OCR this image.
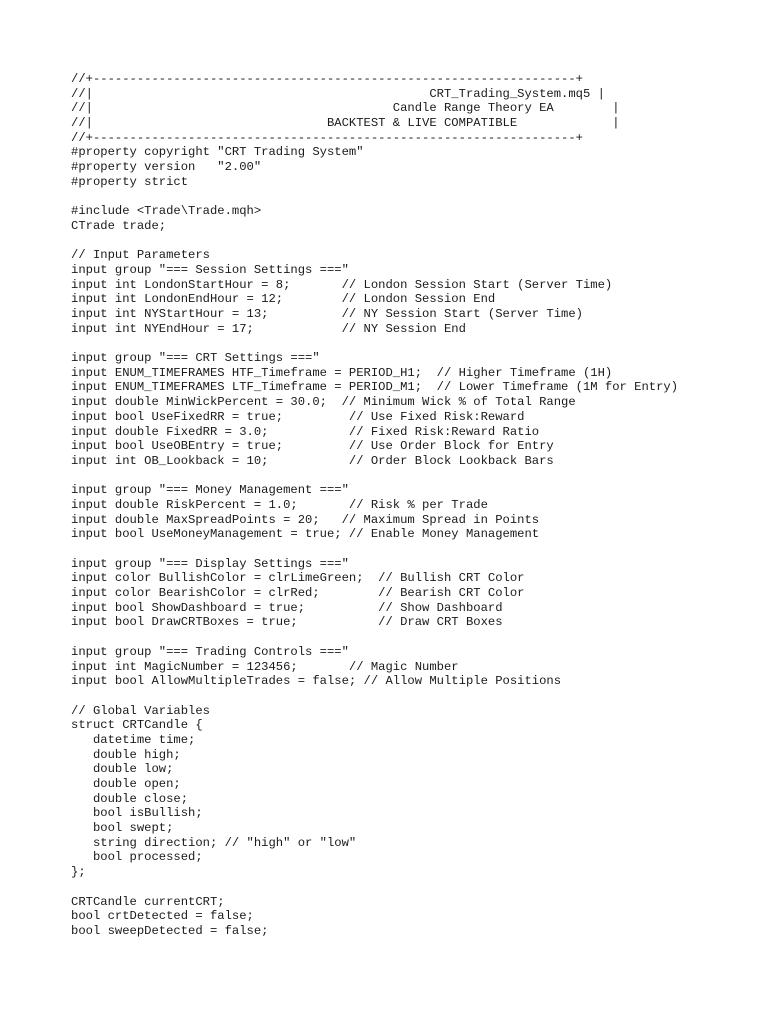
//+------------------------------------------------------------------+
//|                                              CRT_Trading_System.mq5 |
//|                                         Candle Range Theory EA        |
//|                                BACKTEST & LIVE COMPATIBLE             |
//+------------------------------------------------------------------+
#property copyright "CRT Trading System"
#property version   "2.00"
#property strict
#include <Trade\Trade.mqh>
CTrade trade;
// Input Parameters
input group "=== Session Settings ==="
input int LondonStartHour = 8;       // London Session Start (Server Time)
input int LondonEndHour = 12;        // London Session End
input int NYStartHour = 13;          // NY Session Start (Server Time)
input int NYEndHour = 17;            // NY Session End
input group "=== CRT Settings ==="
input ENUM_TIMEFRAMES HTF_Timeframe = PERIOD_H1;  // Higher Timeframe (1H)
input ENUM_TIMEFRAMES LTF_Timeframe = PERIOD_M1;  // Lower Timeframe (1M for Entry)
input double MinWickPercent = 30.0;  // Minimum Wick % of Total Range
input bool UseFixedRR = true;         // Use Fixed Risk:Reward
input double FixedRR = 3.0;           // Fixed Risk:Reward Ratio
input bool UseOBEntry = true;         // Use Order Block for Entry
input int OB_Lookback = 10;           // Order Block Lookback Bars
input group "=== Money Management ==="
input double RiskPercent = 1.0;       // Risk % per Trade
input double MaxSpreadPoints = 20;   // Maximum Spread in Points
input bool UseMoneyManagement = true; // Enable Money Management
input group "=== Display Settings ==="
input color BullishColor = clrLimeGreen;  // Bullish CRT Color
input color BearishColor = clrRed;        // Bearish CRT Color
input bool ShowDashboard = true;          // Show Dashboard
input bool DrawCRTBoxes = true;           // Draw CRT Boxes
input group "=== Trading Controls ==="
input int MagicNumber = 123456;       // Magic Number
input bool AllowMultipleTrades = false; // Allow Multiple Positions
// Global Variables
struct CRTCandle {
datetime time;
double high;
double low;
double open;
double close;
bool isBullish;
bool swept;
string direction; // "high" or "low"
bool processed;
};
CRTCandle currentCRT;
bool crtDetected = false;
bool sweepDetected = false;
